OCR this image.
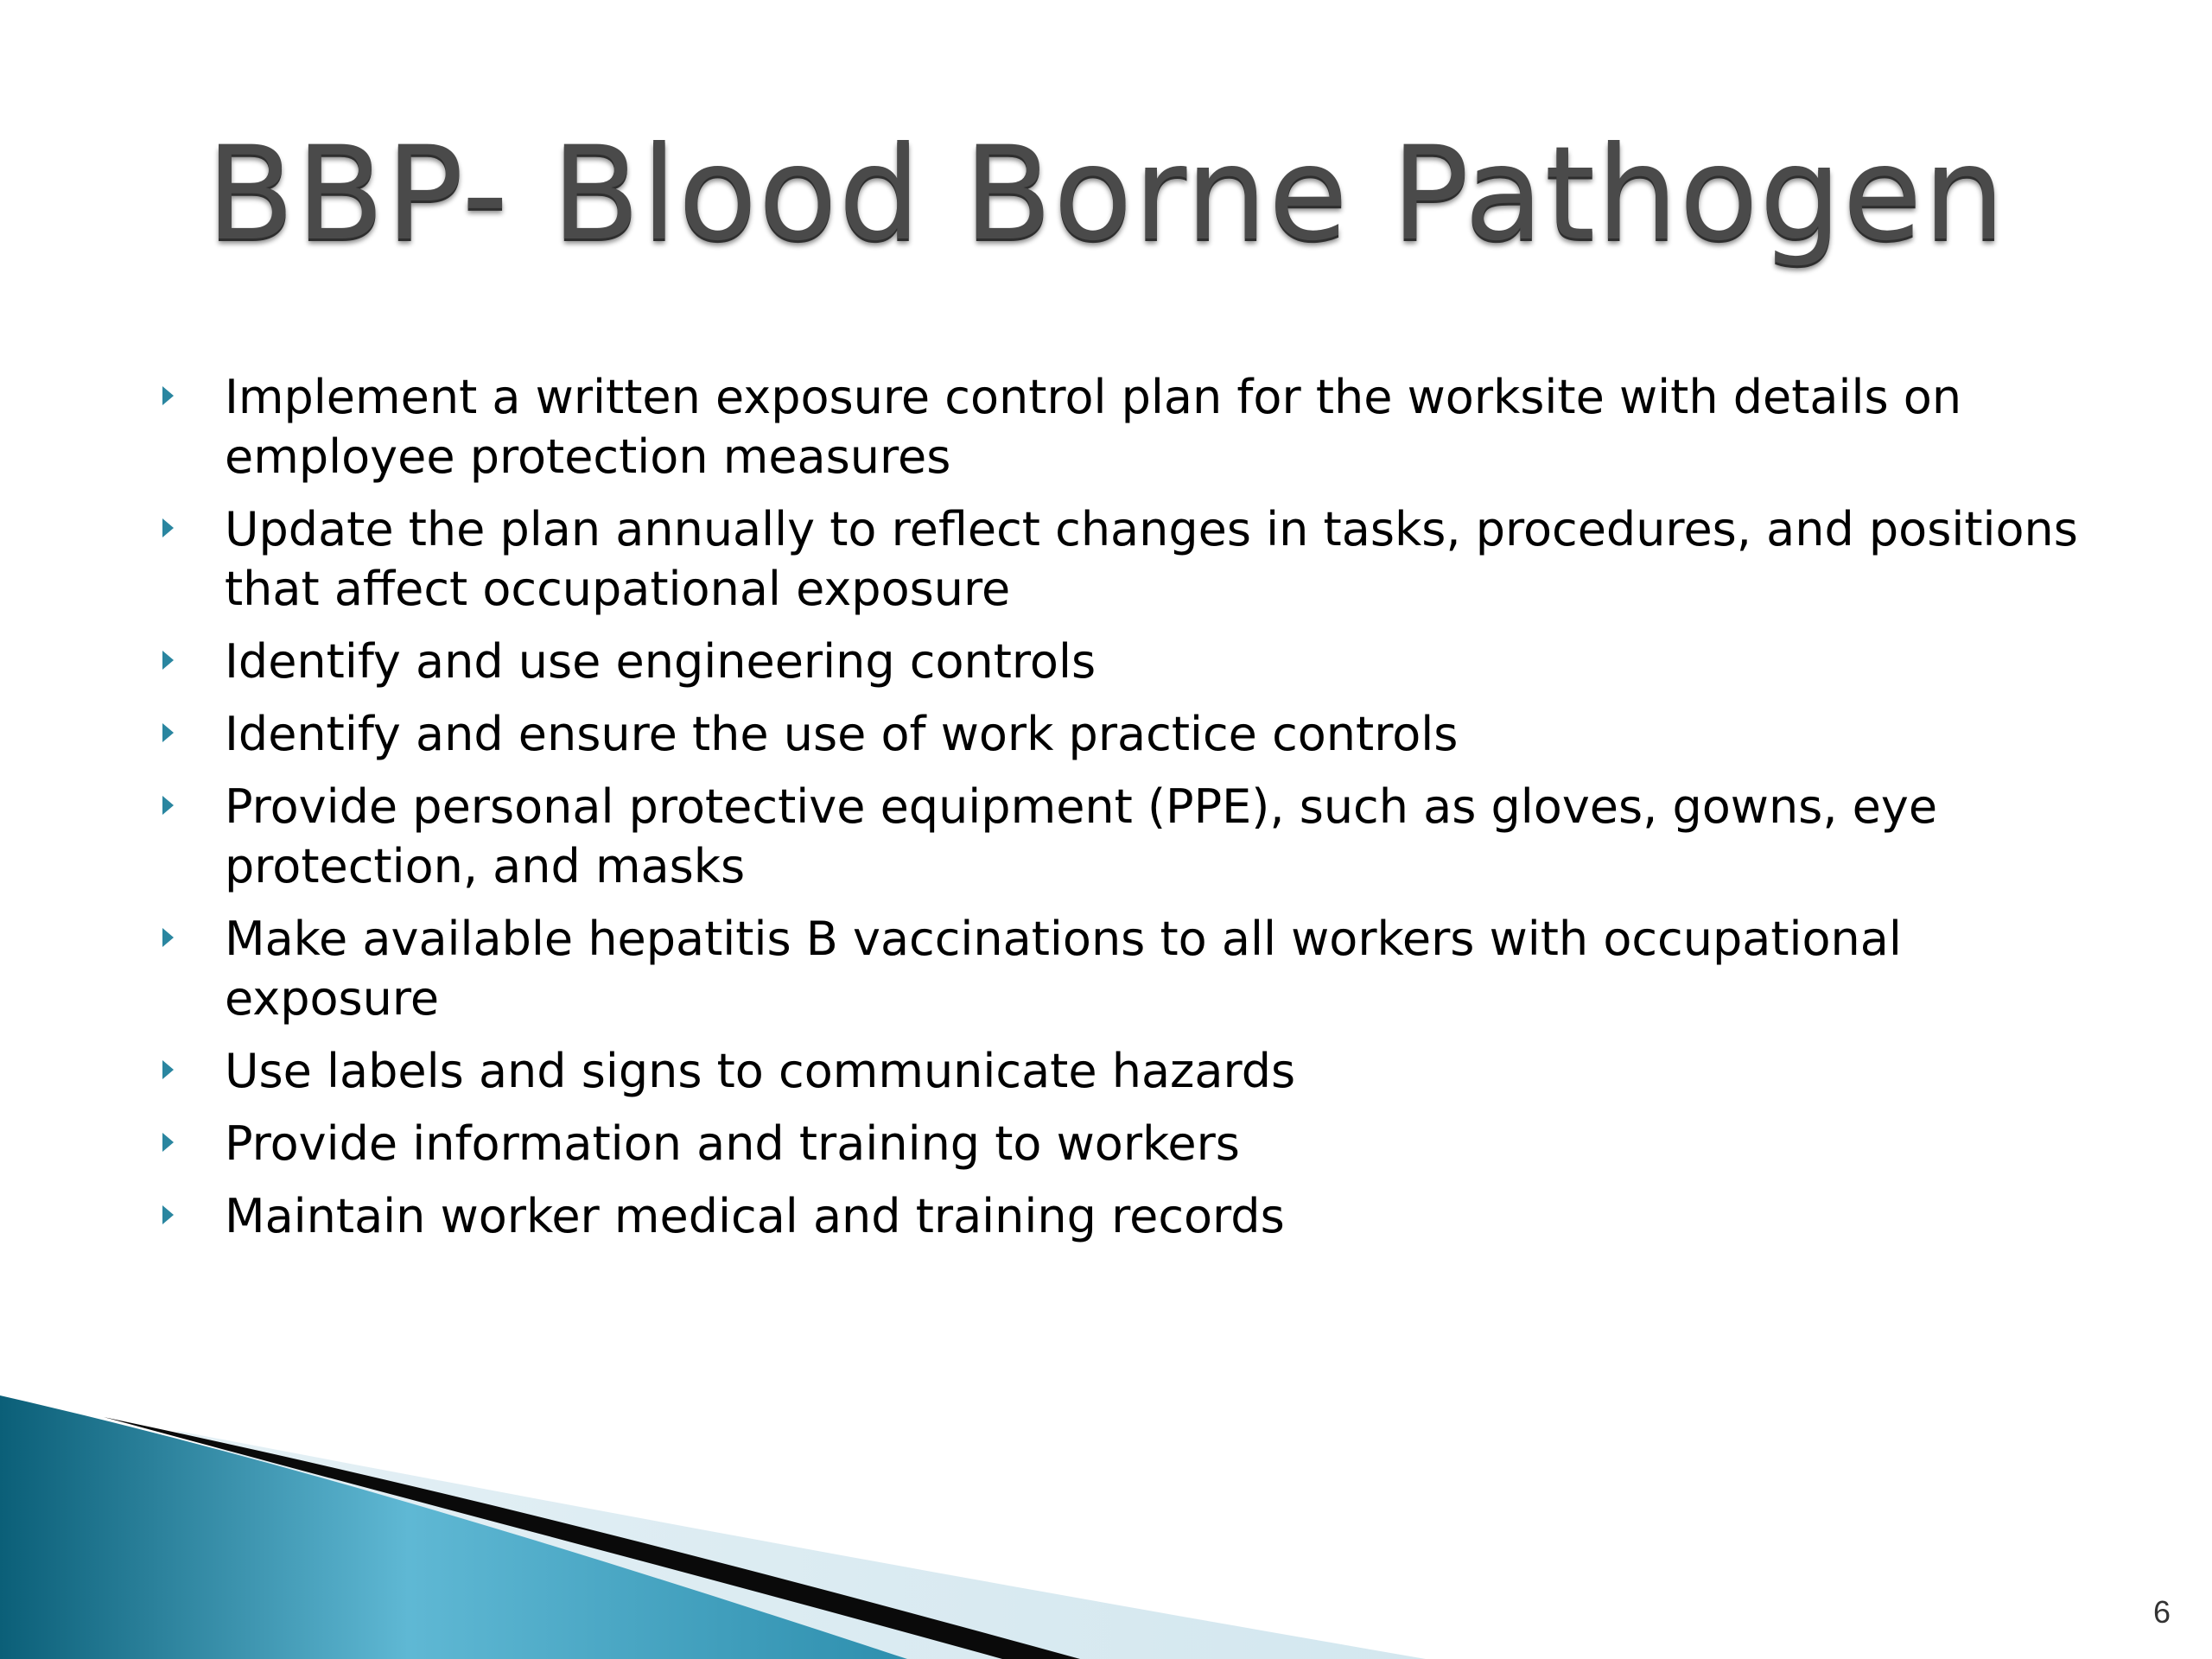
BBP- Blood Borne Pathogen
Implement a written exposure control plan for the worksite with details on employee protection measures
Update the plan annually to reflect changes in tasks, procedures, and positions that affect occupational exposure
Identify and use engineering controls
Identify and ensure the use of work practice controls
Provide personal protective equipment (PPE), such as gloves, gowns, eye protection, and masks
Make available hepatitis B vaccinations to all workers with occupational exposure
Use labels and signs to communicate hazards
Provide information and training to workers
Maintain worker medical and training records
6
